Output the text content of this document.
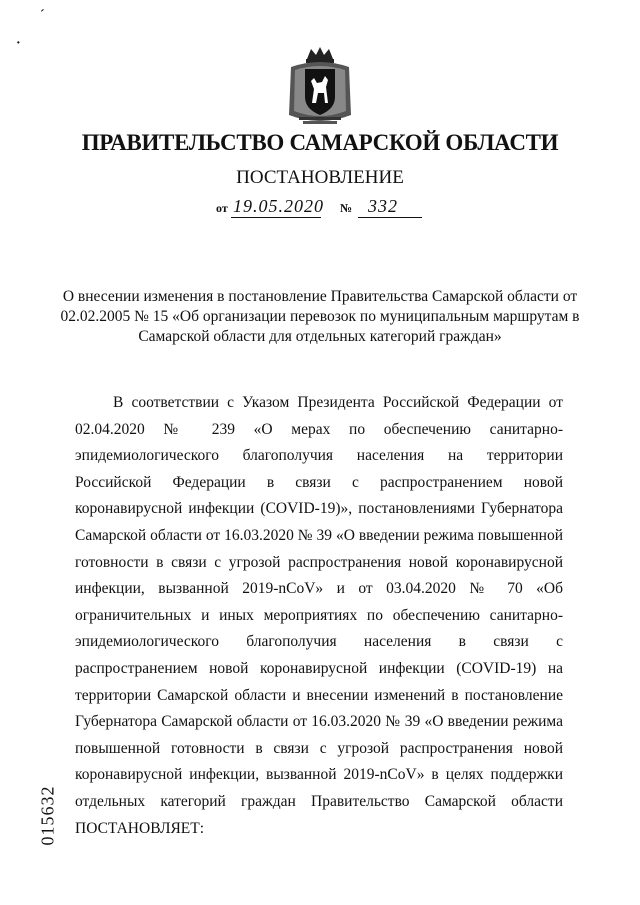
ˊ
·
ПРАВИТЕЛЬСТВО САМАРСКОЙ ОБЛАСТИ
ПОСТАНОВЛЕНИЕ
от 19.05.2020 № 332
О внесении изменения в постановление Правительства Самарской области от 02.02.2005 № 15 «Об организации перевозок по муниципальным маршрутам в Самарской области для отдельных категорий граждан»
В соответствии с Указом Президента Российской Федерации от 02.04.2020 № 239 «О мерах по обеспечению санитарно-эпидемиологического благополучия населения на территории Российской Федерации в связи с распространением новой коронавирусной инфекции (COVID-19)», постановлениями Губернатора Самарской области от 16.03.2020 № 39 «О введении режима повышенной готовности в связи с угрозой распространения новой коронавирусной инфекции, вызванной 2019-nCoV» и от 03.04.2020 № 70 «Об ограничительных и иных мероприятиях по обеспечению санитарно-эпидемиологического благополучия населения в связи с распространением новой коронавирусной инфекции (COVID-19) на территории Самарской области и внесении изменений в постановление Губернатора Самарской области от 16.03.2020 № 39 «О введении режима повышенной готовности в связи с угрозой распространения новой коронавирусной инфекции, вызванной 2019-nCoV» в целях поддержки отдельных категорий граждан Правительство Самарской области ПОСТАНОВЛЯЕТ:
015632
